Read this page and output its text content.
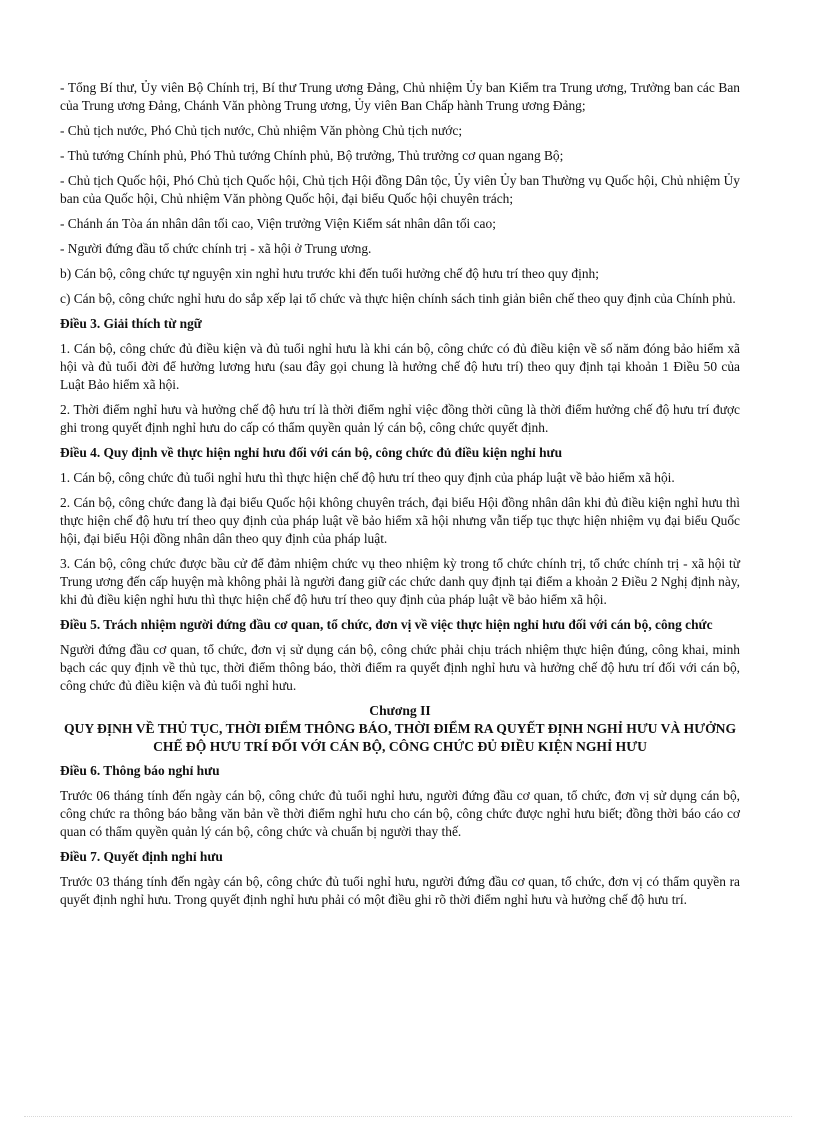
- Tổng Bí thư, Ủy viên Bộ Chính trị, Bí thư Trung ương Đảng, Chủ nhiệm Ủy ban Kiểm tra Trung ương, Trưởng ban các Ban của Trung ương Đảng, Chánh Văn phòng Trung ương, Ủy viên Ban Chấp hành Trung ương Đảng;

- Chủ tịch nước, Phó Chủ tịch nước, Chủ nhiệm Văn phòng Chủ tịch nước;

- Thủ tướng Chính phủ, Phó Thủ tướng Chính phủ, Bộ trưởng, Thủ trưởng cơ quan ngang Bộ;

- Chủ tịch Quốc hội, Phó Chủ tịch Quốc hội, Chủ tịch Hội đồng Dân tộc, Ủy viên Ủy ban Thường vụ Quốc hội, Chủ nhiệm Ủy ban của Quốc hội, Chủ nhiệm Văn phòng Quốc hội, đại biểu Quốc hội chuyên trách;

- Chánh án Tòa án nhân dân tối cao, Viện trưởng Viện Kiểm sát nhân dân tối cao;

- Người đứng đầu tổ chức chính trị - xã hội ở Trung ương.

b) Cán bộ, công chức tự nguyện xin nghỉ hưu trước khi đến tuổi hưởng chế độ hưu trí theo quy định;

c) Cán bộ, công chức nghỉ hưu do sắp xếp lại tổ chức và thực hiện chính sách tinh giản biên chế theo quy định của Chính phủ.

Điều 3. Giải thích từ ngữ

1. Cán bộ, công chức đủ điều kiện và đủ tuổi nghỉ hưu là khi cán bộ, công chức có đủ điều kiện về số năm đóng bảo hiểm xã hội và đủ tuổi đời để hưởng lương hưu (sau đây gọi chung là hưởng chế độ hưu trí) theo quy định tại khoản 1 Điều 50 của Luật Bảo hiểm xã hội.

2. Thời điểm nghỉ hưu và hưởng chế độ hưu trí là thời điểm nghỉ việc đồng thời cũng là thời điểm hưởng chế độ hưu trí được ghi trong quyết định nghỉ hưu do cấp có thẩm quyền quản lý cán bộ, công chức quyết định.

Điều 4. Quy định về thực hiện nghỉ hưu đối với cán bộ, công chức đủ điều kiện nghỉ hưu

1. Cán bộ, công chức đủ tuổi nghỉ hưu thì thực hiện chế độ hưu trí theo quy định của pháp luật về bảo hiểm xã hội.

2. Cán bộ, công chức đang là đại biểu Quốc hội không chuyên trách, đại biểu Hội đồng nhân dân khi đủ điều kiện nghỉ hưu thì thực hiện chế độ hưu trí theo quy định của pháp luật về bảo hiểm xã hội nhưng vẫn tiếp tục thực hiện nhiệm vụ đại biểu Quốc hội, đại biểu Hội đồng nhân dân theo quy định của pháp luật.

3. Cán bộ, công chức được bầu cử để đảm nhiệm chức vụ theo nhiệm kỳ trong tổ chức chính trị, tổ chức chính trị - xã hội từ Trung ương đến cấp huyện mà không phải là người đang giữ các chức danh quy định tại điểm a khoản 2 Điều 2 Nghị định này, khi đủ điều kiện nghỉ hưu thì thực hiện chế độ hưu trí theo quy định của pháp luật về bảo hiểm xã hội.

Điều 5. Trách nhiệm người đứng đầu cơ quan, tổ chức, đơn vị về việc thực hiện nghỉ hưu đối với cán bộ, công chức

Người đứng đầu cơ quan, tổ chức, đơn vị sử dụng cán bộ, công chức phải chịu trách nhiệm thực hiện đúng, công khai, minh bạch các quy định về thủ tục, thời điểm thông báo, thời điểm ra quyết định nghỉ hưu và hưởng chế độ hưu trí đối với cán bộ, công chức đủ điều kiện và đủ tuổi nghỉ hưu.

Chương II

QUY ĐỊNH VỀ THỦ TỤC, THỜI ĐIỂM THÔNG BÁO, THỜI ĐIỂM RA QUYẾT ĐỊNH NGHỈ HƯU VÀ HƯỞNG CHẾ ĐỘ HƯU TRÍ ĐỐI VỚI CÁN BỘ, CÔNG CHỨC ĐỦ ĐIỀU KIỆN NGHỈ HƯU

Điều 6. Thông báo nghỉ hưu

Trước 06 tháng tính đến ngày cán bộ, công chức đủ tuổi nghỉ hưu, người đứng đầu cơ quan, tổ chức, đơn vị sử dụng cán bộ, công chức ra thông báo bằng văn bản về thời điểm nghỉ hưu cho cán bộ, công chức được nghỉ hưu biết; đồng thời báo cáo cơ quan có thẩm quyền quản lý cán bộ, công chức và chuẩn bị người thay thế.

Điều 7. Quyết định nghỉ hưu

Trước 03 tháng tính đến ngày cán bộ, công chức đủ tuổi nghỉ hưu, người đứng đầu cơ quan, tổ chức, đơn vị có thẩm quyền ra quyết định nghỉ hưu. Trong quyết định nghỉ hưu phải có một điều ghi rõ thời điểm nghỉ hưu và hưởng chế độ hưu trí.
